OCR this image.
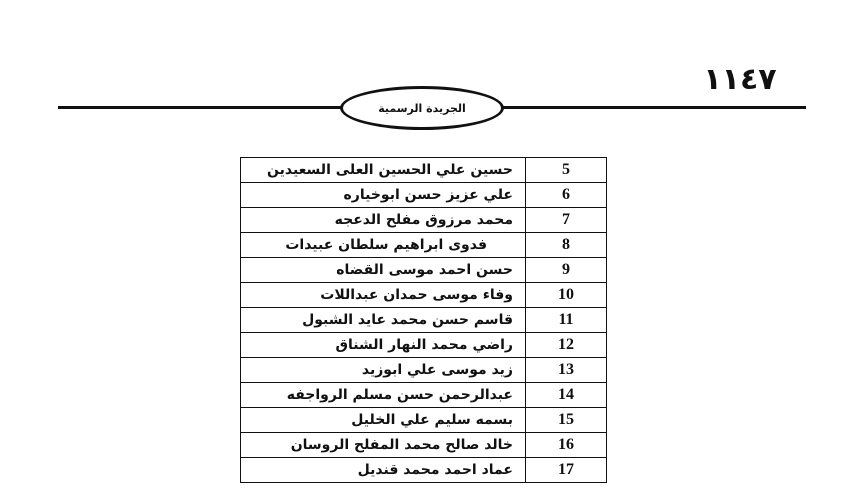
١١٤٧
الجريدة الرسمية
حسين علي الحسين العلى السعيدين	5
علي عزيز حسن ابوخياره	6
محمد مرزوق مفلح الدعجه	7
فدوى ابراهيم سلطان عبيدات	8
حسن احمد موسى القضاه	9
وفاء موسى حمدان عبداللات	10
قاسم حسن محمد عايد الشبول	11
راضي محمد النهار الشناق	12
زيد موسى علي ابوزيد	13
عبدالرحمن حسن مسلم الرواجفه	14
بسمه سليم علي الخليل	15
خالد صالح محمد المفلح الروسان	16
عماد احمد محمد قنديل	17
